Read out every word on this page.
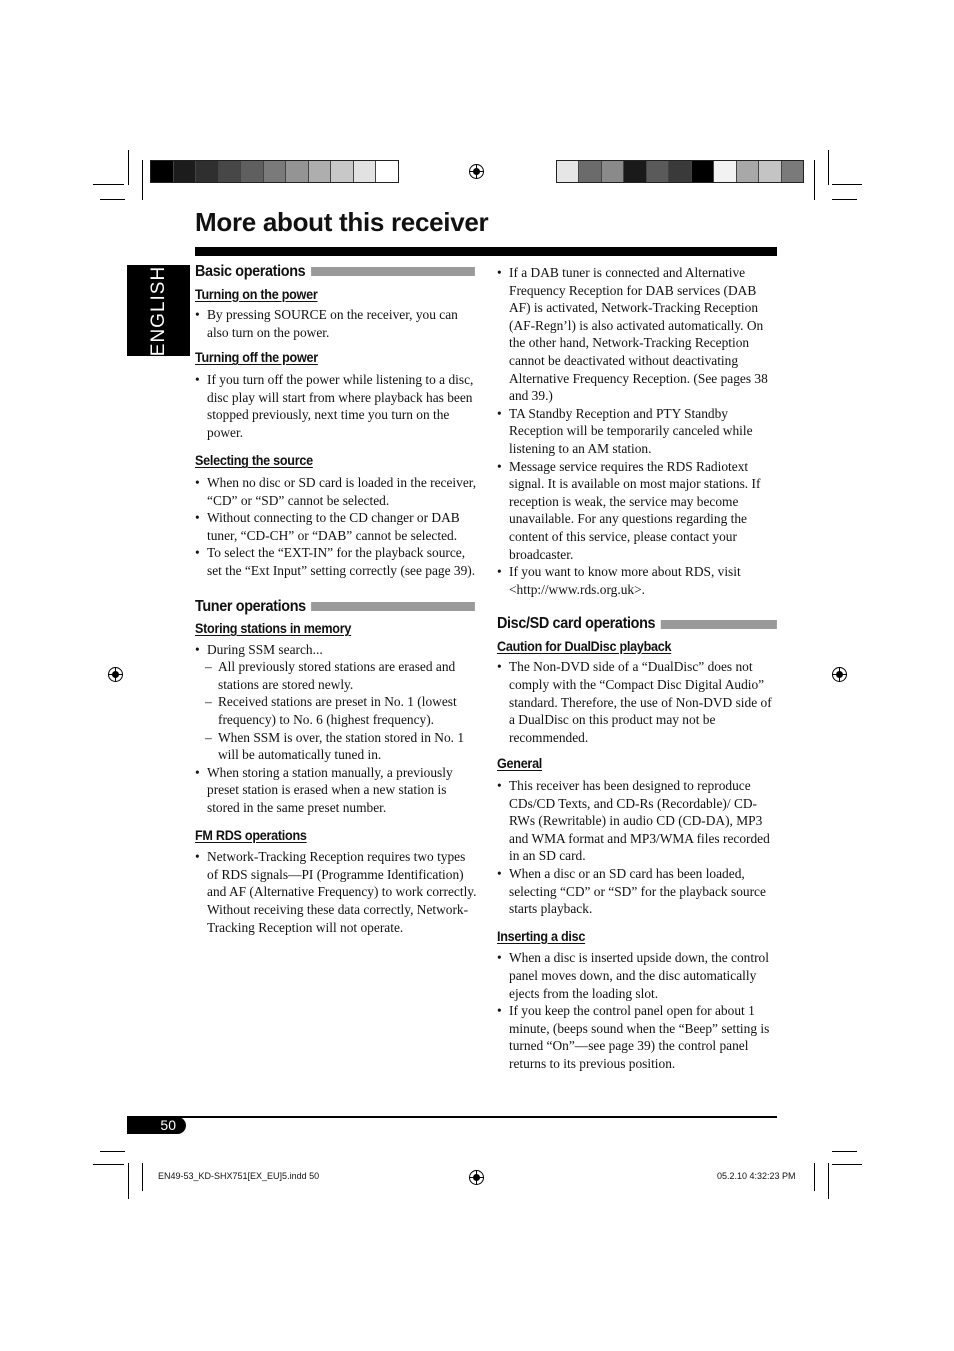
More about this receiver
ENGLISH Basic operations
Turning on the power
• By pressing SOURCE on the receiver, you can also turn on the power.
Turning off the power
• If you turn off the power while listening to a disc, disc play will start from where playback has been stopped previously, next time you turn on the power.
Selecting the source
• When no disc or SD card is loaded in the receiver, “CD” or “SD” cannot be selected.
• Without connecting to the CD changer or DAB tuner, “CD-CH” or “DAB” cannot be selected.
• To select the “EXT-IN” for the playback source, set the “Ext Input” setting correctly (see page 39).
Tuner operations
Storing stations in memory
• During SSM search...
– All previously stored stations are erased and stations are stored newly.
– Received stations are preset in No. 1 (lowest frequency) to No. 6 (highest frequency).
– When SSM is over, the station stored in No. 1 will be automatically tuned in.
• When storing a station manually, a previously preset station is erased when a new station is stored in the same preset number.
FM RDS operations
• Network-Tracking Reception requires two types of RDS signals—PI (Programme Identification) and AF (Alternative Frequency) to work correctly. Without receiving these data correctly, Network-Tracking Reception will not operate.
• If a DAB tuner is connected and Alternative Frequency Reception for DAB services (DAB AF) is activated, Network-Tracking Reception (AF-Regn’l) is also activated automatically. On the other hand, Network-Tracking Reception cannot be deactivated without deactivating Alternative Frequency Reception. (See pages 38 and 39.)
• TA Standby Reception and PTY Standby Reception will be temporarily canceled while listening to an AM station.
• Message service requires the RDS Radiotext signal. It is available on most major stations. If reception is weak, the service may become unavailable. For any questions regarding the content of this service, please contact your broadcaster.
• If you want to know more about RDS, visit <http://www.rds.org.uk>.
Disc/SD card operations
Caution for DualDisc playback
• The Non-DVD side of a “DualDisc” does not comply with the “Compact Disc Digital Audio” standard. Therefore, the use of Non-DVD side of a DualDisc on this product may not be recommended.
General
• This receiver has been designed to reproduce CDs/CD Texts, and CD-Rs (Recordable)/ CD-RWs (Rewritable) in audio CD (CD-DA), MP3 and WMA format and MP3/WMA files recorded in an SD card.
• When a disc or an SD card has been loaded, selecting “CD” or “SD” for the playback source starts playback.
Inserting a disc
• When a disc is inserted upside down, the control panel moves down, and the disc automatically ejects from the loading slot.
• If you keep the control panel open for about 1 minute, (beeps sound when the “Beep” setting is turned “On”—see page 39) the control panel returns to its previous position.
50
EN49-53_KD-SHX751[EX_EU]5.indd 50	05.2.10 4:32:23 PM
